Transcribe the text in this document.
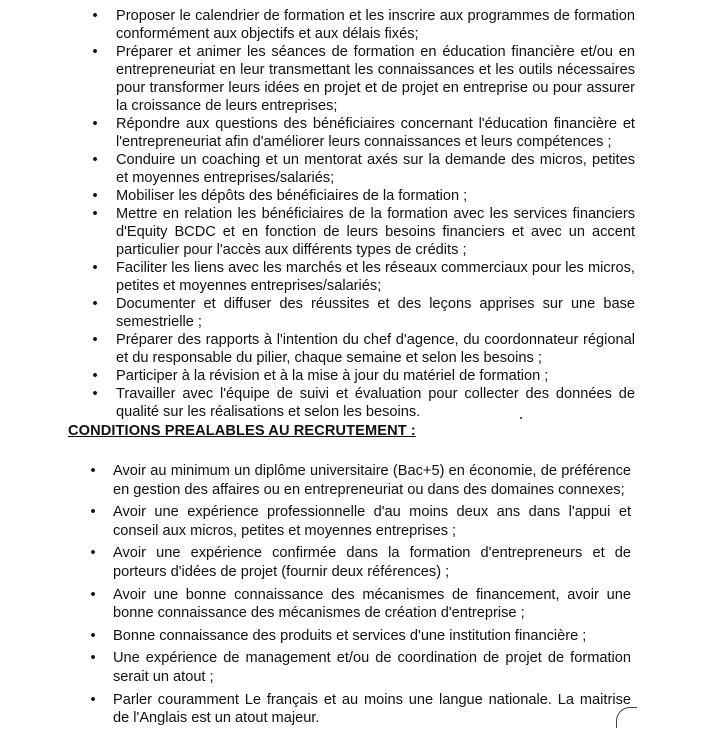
• Proposer le calendrier de formation et les inscrire aux programmes de formation conformément aux objectifs et aux délais fixés;
• Préparer et animer les séances de formation en éducation financière et/ou en entrepreneuriat en leur transmettant les connaissances et les outils nécessaires pour transformer leurs idées en projet et de projet en entreprise ou pour assurer la croissance de leurs entreprises;
• Répondre aux questions des bénéficiaires concernant l'éducation financière et l'entrepreneuriat afin d'améliorer leurs connaissances et leurs compétences ;
• Conduire un coaching et un mentorat axés sur la demande des micros, petites et moyennes entreprises/salariés;
• Mobiliser les dépôts des bénéficiaires de la formation ;
• Mettre en relation les bénéficiaires de la formation avec les services financiers d'Equity BCDC et en fonction de leurs besoins financiers et avec un accent particulier pour l'accès aux différents types de crédits ;
• Faciliter les liens avec les marchés et les réseaux commerciaux pour les micros, petites et moyennes entreprises/salariés;
• Documenter et diffuser des réussites et des leçons apprises sur une base semestrielle ;
• Préparer des rapports à l'intention du chef d'agence, du coordonnateur régional et du responsable du pilier, chaque semaine et selon les besoins ;
• Participer à la révision et à la mise à jour du matériel de formation ;
• Travailler avec l'équipe de suivi et évaluation pour collecter des données de qualité sur les réalisations et selon les besoins.
CONDITIONS PREALABLES AU RECRUTEMENT :
• Avoir au minimum un diplôme universitaire (Bac+5) en économie, de préférence en gestion des affaires ou en entrepreneuriat ou dans des domaines connexes;
• Avoir une expérience professionnelle d'au moins deux ans dans l'appui et conseil aux micros, petites et moyennes entreprises ;
• Avoir une expérience confirmée dans la formation d'entrepreneurs et de porteurs d'idées de projet (fournir deux références) ;
• Avoir une bonne connaissance des mécanismes de financement, avoir une bonne connaissance des mécanismes de création d'entreprise ;
• Bonne connaissance des produits et services d'une institution financière ;
• Une expérience de management et/ou de coordination de projet de formation serait un atout ;
• Parler couramment Le français et au moins une langue nationale. La maitrise de l'Anglais est un atout majeur.
